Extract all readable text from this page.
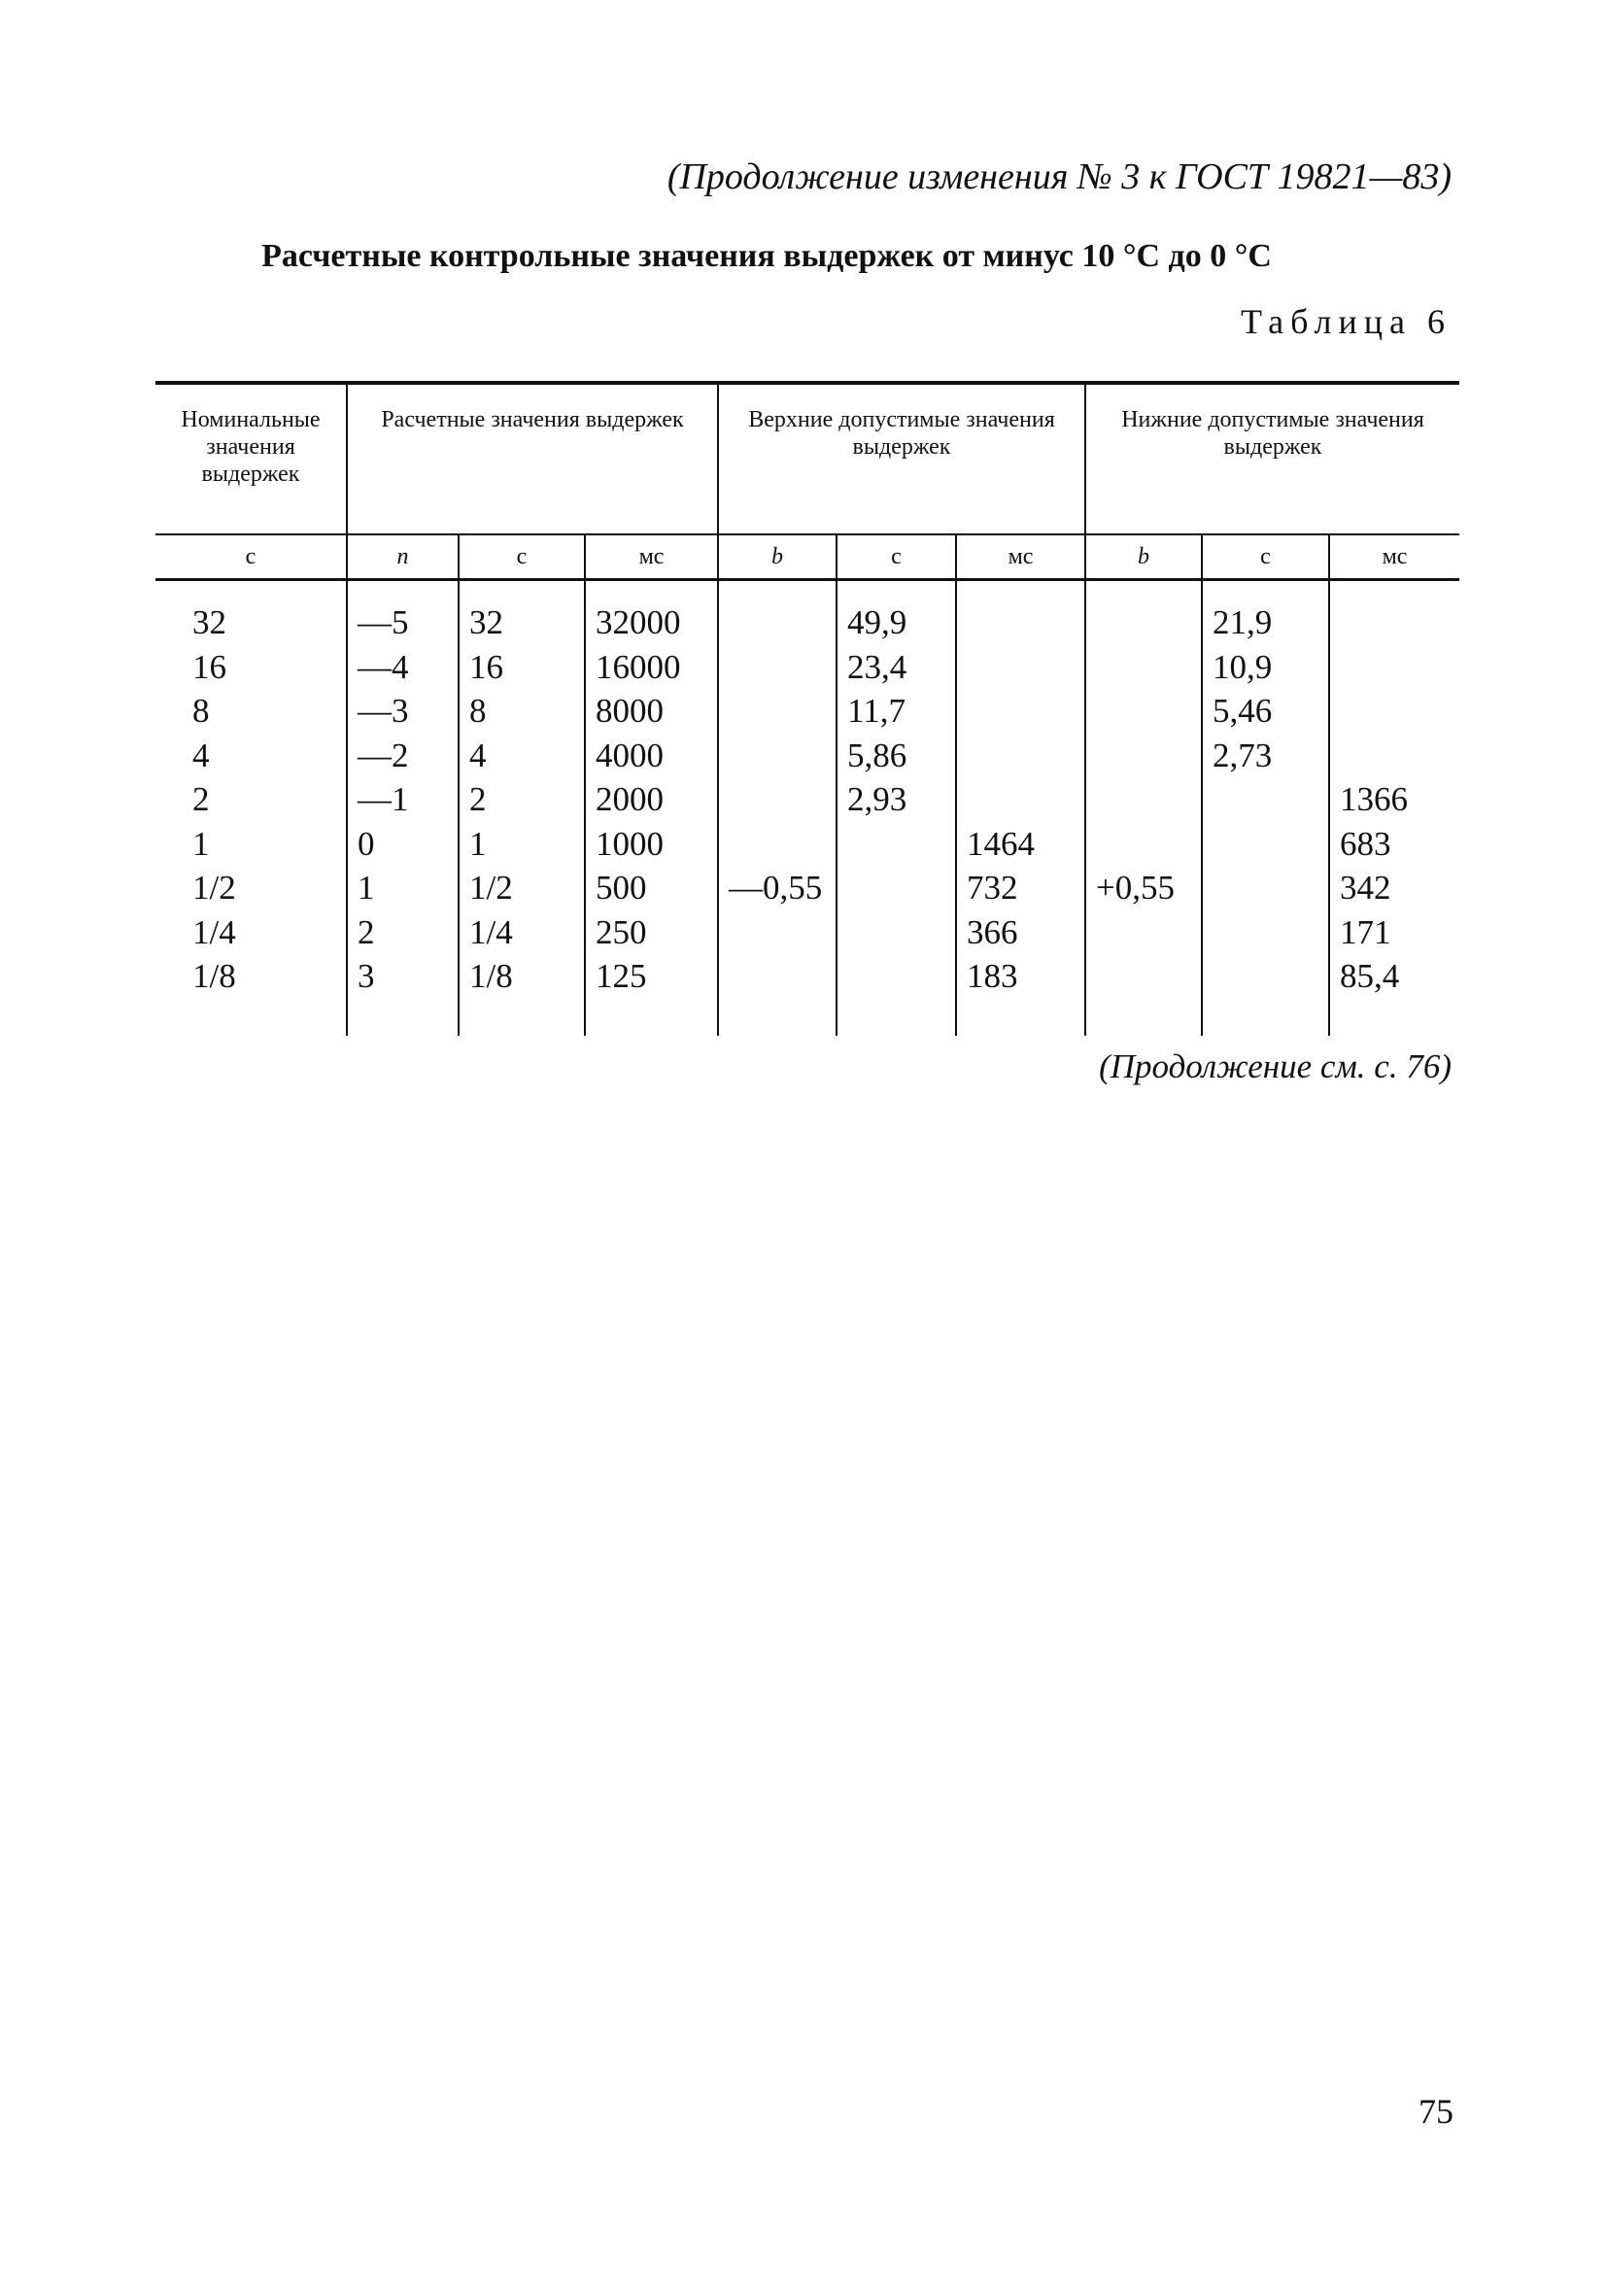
(Продолжение изменения № 3 к ГОСТ 19821—83)
Расчетные контрольные значения выдержек от минус 10 °С до 0 °С
Таблица 6
Номинальные значения выдержек	Расчетные значения выдержек			Верхние допустимые значения выдержек			Нижние допустимые значения выдержек		
с	n	с	мс	b	с	мс	b	с	мс

32	—5	32	32000		49,9			21,9	
16	—4	16	16000		23,4			10,9	
8	—3	8	8000		11,7			5,46	
4	—2	4	4000		5,86			2,73	
2	—1	2	2000		2,93				1366
1	0	1	1000			1464			683
1/2	1	1/2	500	—0,55		732	+0,55		342
1/4	2	1/4	250			366			171
1/8	3	1/8	125			183			85,4

(Продолжение см. с. 76)
75
